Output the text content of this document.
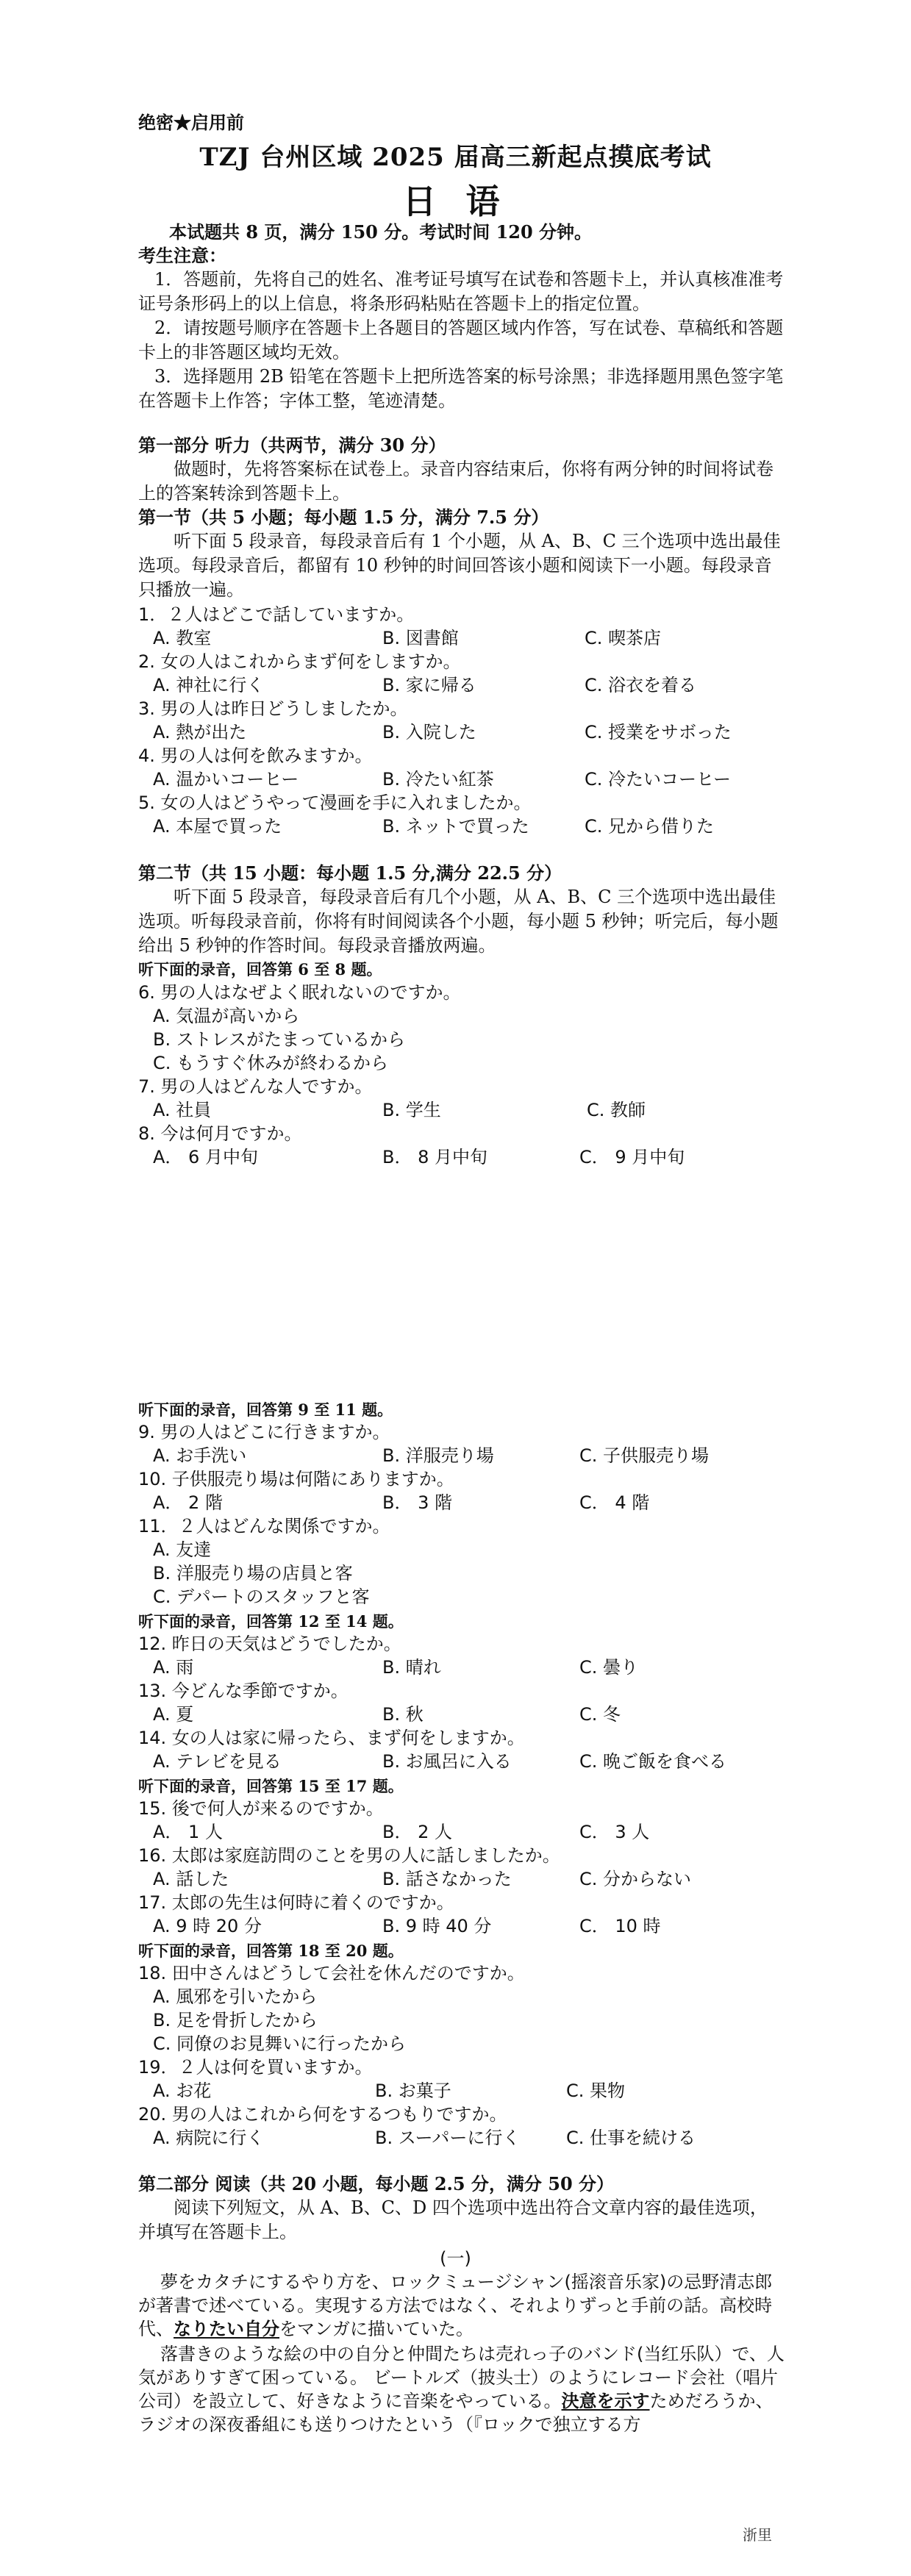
绝密★启用前
TZJ 台州区域 2025 届高三新起点摸底考试
日 语
本试题共 8 页，满分 150 分。考试时间 120 分钟。
考生注意：
1．答题前，先将自己的姓名、准考证号填写在试卷和答题卡上，并认真核准准考证号条形码上的以上信息，将条形码粘贴在答题卡上的指定位置。
2．请按题号顺序在答题卡上各题目的答题区域内作答，写在试卷、草稿纸和答题卡上的非答题区域均无效。
3．选择题用 2B 铅笔在答题卡上把所选答案的标号涂黑；非选择题用黑色签字笔在答题卡上作答；字体工整，笔迹清楚。
第一部分 听力（共两节，满分 30 分）
做题时，先将答案标在试卷上。录音内容结束后，你将有两分钟的时间将试卷上的答案转涂到答题卡上。
第一节（共 5 小题；每小题 1.5 分，满分 7.5 分）
听下面 5 段录音，每段录音后有 1 个小题，从 A、B、C 三个选项中选出最佳选项。每段录音后，都留有 10 秒钟的时间回答该小题和阅读下一小题。每段录音只播放一遍。
1．２人はどこで話していますか。
A. 教室	B. 図書館	C. 喫茶店
2. 女の人はこれからまず何をしますか。
A. 神社に行く	B. 家に帰る	C. 浴衣を着る
3. 男の人は昨日どうしましたか。
A. 熱が出た	B. 入院した	C. 授業をサボった
4. 男の人は何を飲みますか。
A. 温かいコーヒー	B. 冷たい紅茶	C. 冷たいコーヒー
5. 女の人はどうやって漫画を手に入れましたか。
A. 本屋で買った	B. ネットで買った	C. 兄から借りた
第二节（共 15 小题：每小题 1.5 分,满分 22.5 分）
听下面 5 段录音，每段录音后有几个小题，从 A、B、C 三个选项中选出最佳选项。听每段录音前，你将有时间阅读各个小题，每小题 5 秒钟；听完后，每小题给出 5 秒钟的作答时间。每段录音播放两遍。
听下面的录音，回答第 6 至 8 题。
6. 男の人はなぜよく眠れないのですか。
A. 気温が高いから
B. ストレスがたまっているから
C. もうすぐ休みが終わるから
7. 男の人はどんな人ですか。
A. 社員	B. 学生	C. 教師
8. 今は何月ですか。
A． 6 月中旬	B． 8 月中旬	C． 9 月中旬
听下面的录音，回答第 9 至 11 题。
9. 男の人はどこに行きますか。
A. お手洗い	B. 洋服売り場	C. 子供服売り場
10. 子供服売り場は何階にありますか。
A． 2 階	B． 3 階	C． 4 階
11．２人はどんな関係ですか。
A. 友達
B. 洋服売り場の店員と客
C. デパートのスタッフと客
听下面的录音，回答第 12 至 14 题。
12. 昨日の天気はどうでしたか。
A. 雨	B. 晴れ	C. 曇り
13. 今どんな季節ですか。
A. 夏	B. 秋	C. 冬
14. 女の人は家に帰ったら、まず何をしますか。
A. テレビを見る	B. お風呂に入る	C. 晩ご飯を食べる
听下面的录音，回答第 15 至 17 题。
15. 後で何人が来るのですか。
A． 1 人	B． 2 人	C． 3 人
16. 太郎は家庭訪問のことを男の人に話しましたか。
A. 話した	B. 話さなかった	C. 分からない
17. 太郎の先生は何時に着くのですか。
A. 9 時 20 分	B. 9 時 40 分	C． 10 時
听下面的录音，回答第 18 至 20 题。
18. 田中さんはどうして会社を休んだのですか。
A. 風邪を引いたから
B. 足を骨折したから
C. 同僚のお見舞いに行ったから
19．２人は何を買いますか。
A. お花	B. お菓子	C. 果物
20. 男の人はこれから何をするつもりですか。
A. 病院に行く	B. スーパーに行く	C. 仕事を続ける
第二部分 阅读（共 20 小题，每小题 2.5 分，满分 50 分）
阅读下列短文，从 A、B、C、D 四个选项中选出符合文章内容的最佳选项，并填写在答题卡上。
(一)
夢をカタチにするやり方を、ロックミュージシャン(摇滚音乐家)の忌野清志郎が著書で述べている。実現する方法ではなく、それよりずっと手前の話。高校時代、なりたい自分をマンガに描いていた。
落書きのような絵の中の自分と仲間たちは売れっ子のバンド(当红乐队）で、人気がありすぎて困っている。 ビートルズ（披头士）のようにレコード会社（唱片公司）を設立して、好きなように音楽をやっている。決意を示すためだろうか、ラジオの深夜番組にも送りつけたという（『ロックで独立する方
浙里
